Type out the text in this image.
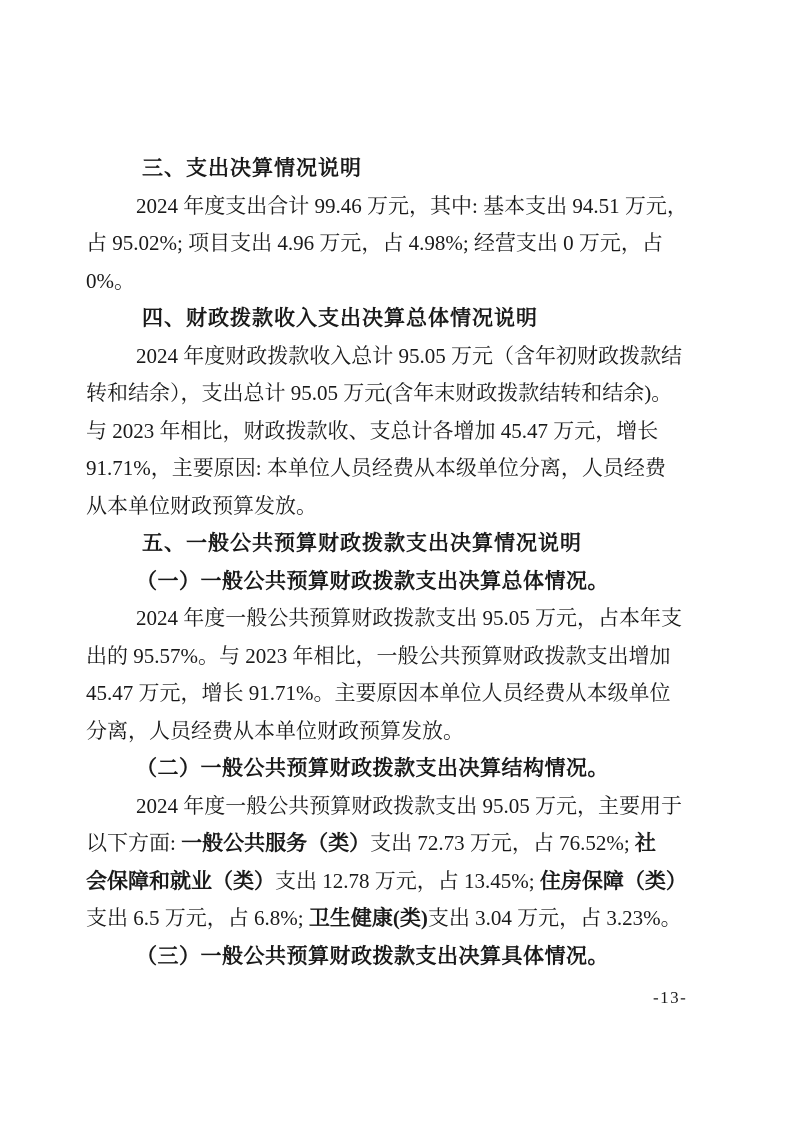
三、支出决算情况说明
2024 年度支出合计 99.46 万元，其中: 基本支出 94.51 万元，
占 95.02%; 项目支出 4.96 万元，占 4.98%; 经营支出 0 万元，占
0%。
四、财政拨款收入支出决算总体情况说明
2024 年度财政拨款收入总计 95.05 万元（含年初财政拨款结
转和结余），支出总计 95.05 万元(含年末财政拨款结转和结余)。
与 2023 年相比，财政拨款收、支总计各增加 45.47 万元，增长
91.71%，主要原因: 本单位人员经费从本级单位分离，人员经费
从本单位财政预算发放。
五、一般公共预算财政拨款支出决算情况说明
（一）一般公共预算财政拨款支出决算总体情况。
2024 年度一般公共预算财政拨款支出 95.05 万元，占本年支
出的 95.57%。与 2023 年相比，一般公共预算财政拨款支出增加
45.47 万元，增长 91.71%。主要原因本单位人员经费从本级单位
分离，人员经费从本单位财政预算发放。
（二）一般公共预算财政拨款支出决算结构情况。
2024 年度一般公共预算财政拨款支出 95.05 万元，主要用于
以下方面: 一般公共服务（类）支出 72.73 万元，占 76.52%; 社
会保障和就业（类）支出 12.78 万元，占 13.45%; 住房保障（类）
支出 6.5 万元，占 6.8%; 卫生健康(类)支出 3.04 万元，占 3.23%。
（三）一般公共预算财政拨款支出决算具体情况。
-13-
